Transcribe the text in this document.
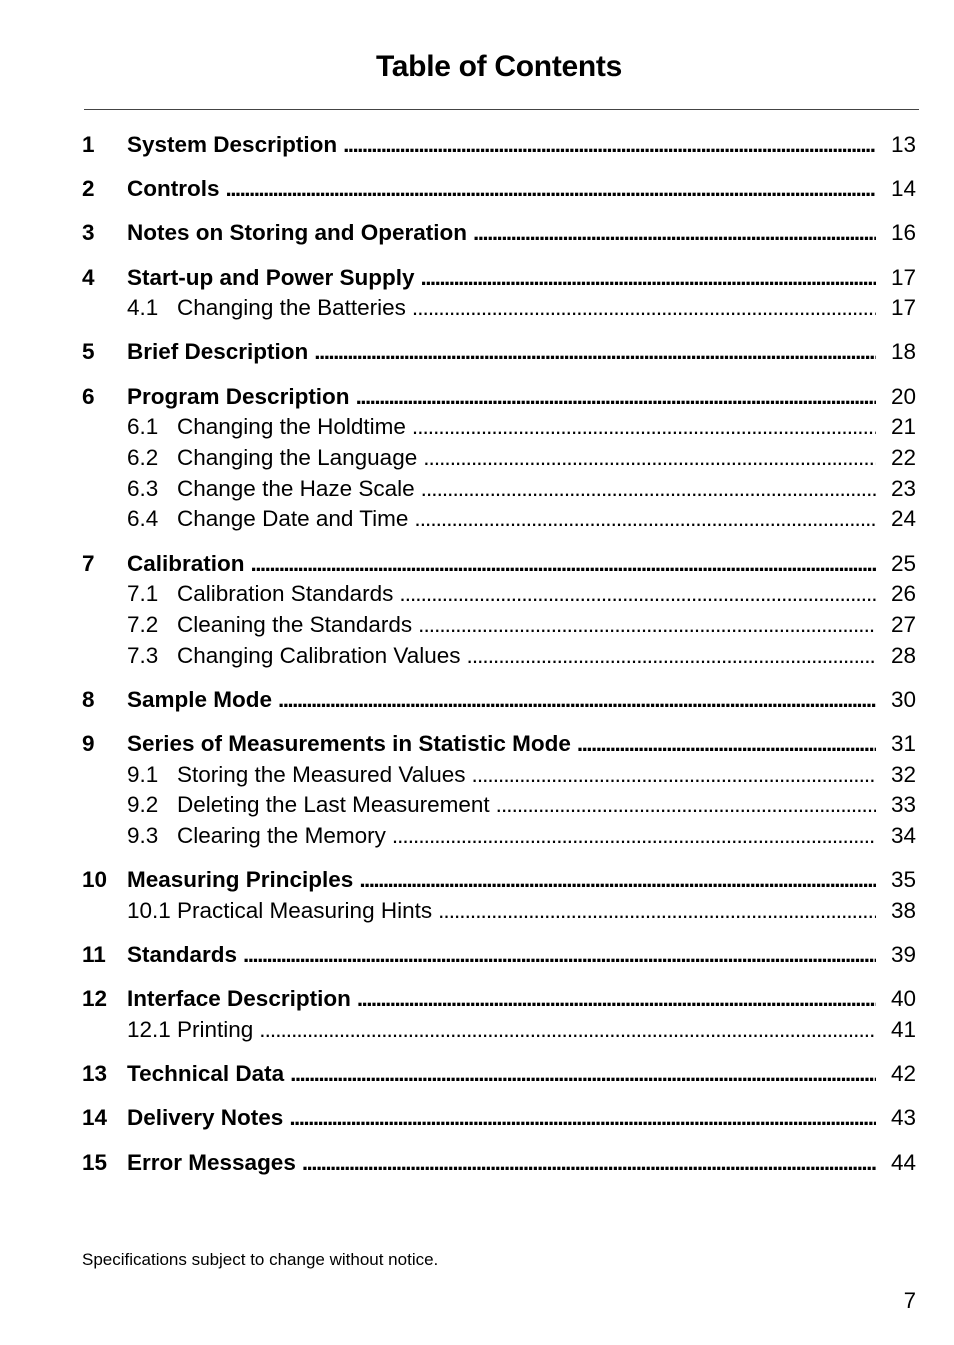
Table of Contents
1	System Description . . .	13
2	Controls . . .	14
3	Notes on Storing and Operation . . .	16
4	Start-up and Power Supply . . .	17
4.1 Changing the Batteries . . .	17
5	Brief Description . . .	18
6	Program Description . . .	20
6.1 Changing the Holdtime . . .	21
6.2 Changing the Language . . .	22
6.3 Change the Haze Scale . . .	23
6.4 Change Date and Time . . .	24
7	Calibration . . .	25
7.1 Calibration Standards . . .	26
7.2 Cleaning the Standards . . .	27
7.3 Changing Calibration Values . . .	28
8	Sample Mode . . .	30
9	Series of Measurements in Statistic Mode . . .	31
9.1 Storing the Measured Values . . .	32
9.2 Deleting the Last Measurement . . .	33
9.3 Clearing the Memory . . .	34
10 Measuring Principles . . .	35
10.1 Practical Measuring Hints . . .	38
11 Standards . . .	39
12 Interface Description . . .	40
12.1 Printing . . .	41
13 Technical Data . . .	42
14 Delivery Notes . . .	43
15 Error Messages . . .	44
Specifications subject to change without notice.
7
